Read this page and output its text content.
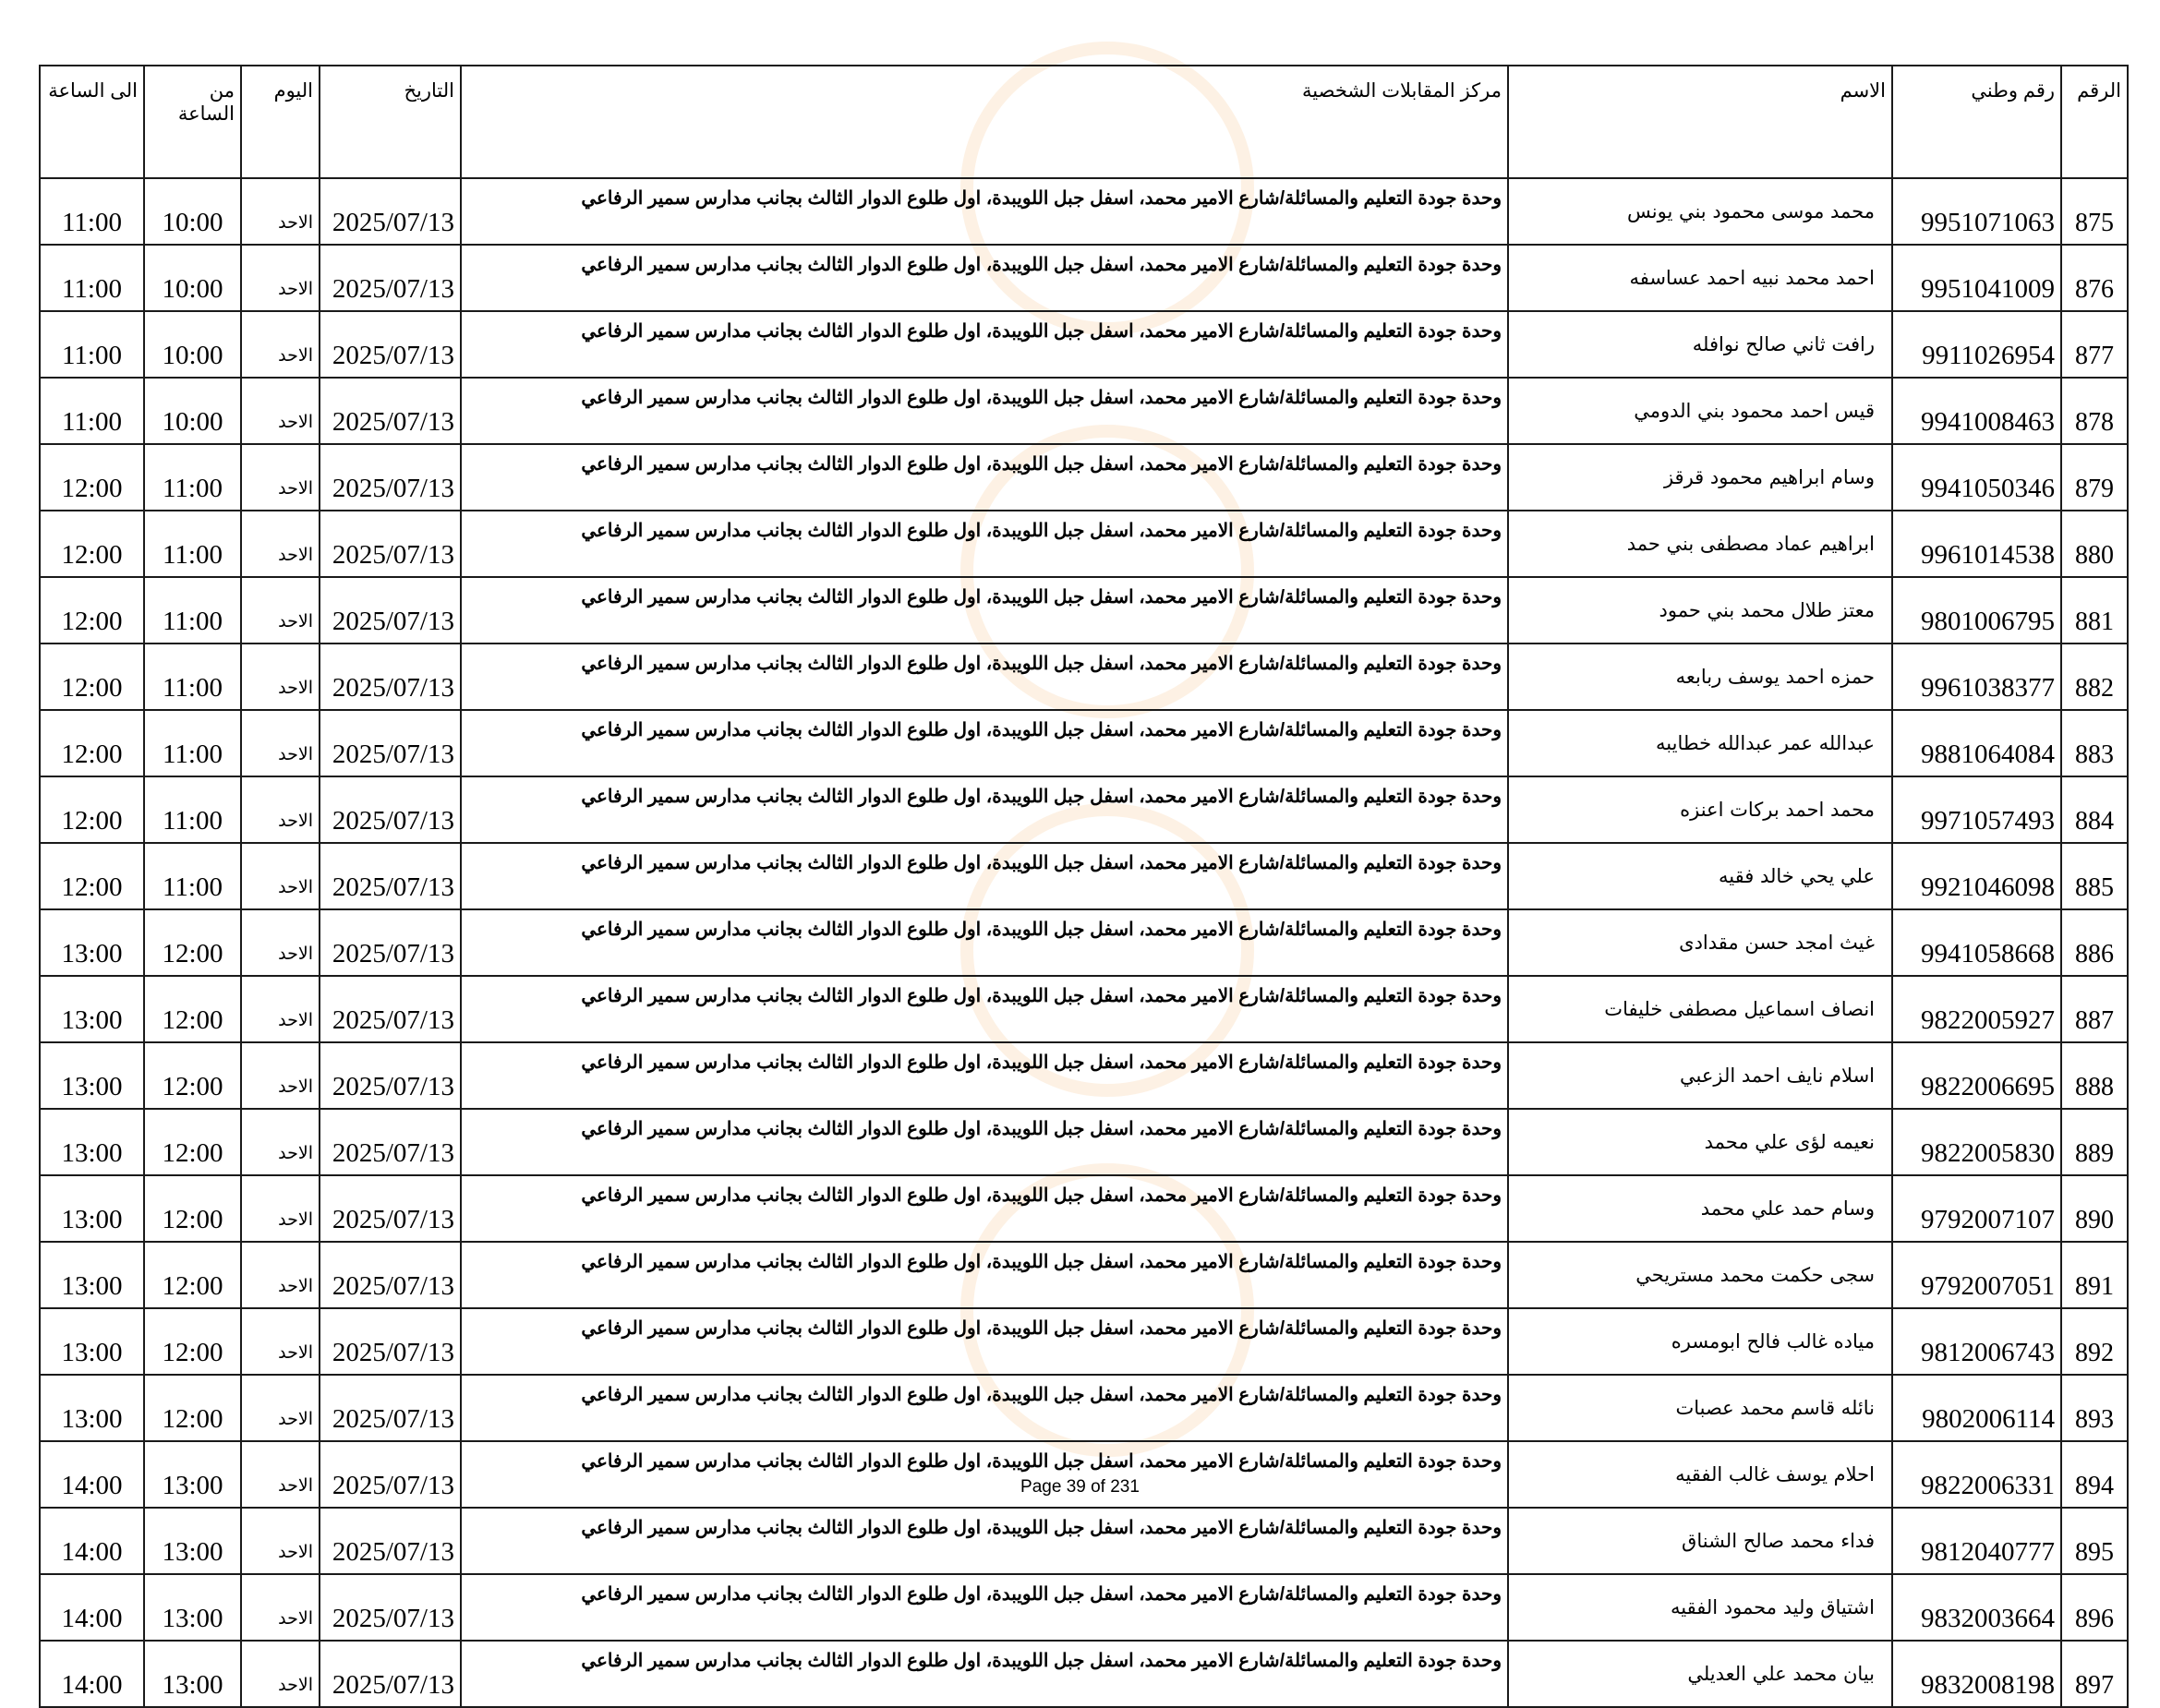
الرقم	رقم وطني	الاسم	مركز المقابلات الشخصية	التاريخ	اليوم	من الساعة	الى الساعة
875	9951071063	محمد موسى محمود بني يونس	وحدة جودة التعليم والمسائلة/شارع الامير محمد، اسفل جبل اللويبدة، اول طلوع الدوار الثالث بجانب مدارس سمير الرفاعي	2025/07/13	الاحد	10:00	11:00
876	9951041009	احمد محمد نبيه احمد عساسفه	وحدة جودة التعليم والمسائلة/شارع الامير محمد، اسفل جبل اللويبدة، اول طلوع الدوار الثالث بجانب مدارس سمير الرفاعي	2025/07/13	الاحد	10:00	11:00
877	9911026954	رافت ثاني صالح نوافله	وحدة جودة التعليم والمسائلة/شارع الامير محمد، اسفل جبل اللويبدة، اول طلوع الدوار الثالث بجانب مدارس سمير الرفاعي	2025/07/13	الاحد	10:00	11:00
878	9941008463	قيس احمد محمود بني الدومي	وحدة جودة التعليم والمسائلة/شارع الامير محمد، اسفل جبل اللويبدة، اول طلوع الدوار الثالث بجانب مدارس سمير الرفاعي	2025/07/13	الاحد	10:00	11:00
879	9941050346	وسام ابراهيم محمود قرقز	وحدة جودة التعليم والمسائلة/شارع الامير محمد، اسفل جبل اللويبدة، اول طلوع الدوار الثالث بجانب مدارس سمير الرفاعي	2025/07/13	الاحد	11:00	12:00
880	9961014538	ابراهيم عماد مصطفى بني حمد	وحدة جودة التعليم والمسائلة/شارع الامير محمد، اسفل جبل اللويبدة، اول طلوع الدوار الثالث بجانب مدارس سمير الرفاعي	2025/07/13	الاحد	11:00	12:00
881	9801006795	معتز طلال محمد بني حمود	وحدة جودة التعليم والمسائلة/شارع الامير محمد، اسفل جبل اللويبدة، اول طلوع الدوار الثالث بجانب مدارس سمير الرفاعي	2025/07/13	الاحد	11:00	12:00
882	9961038377	حمزه احمد يوسف ربابعه	وحدة جودة التعليم والمسائلة/شارع الامير محمد، اسفل جبل اللويبدة، اول طلوع الدوار الثالث بجانب مدارس سمير الرفاعي	2025/07/13	الاحد	11:00	12:00
883	9881064084	عبدالله عمر عبدالله خطايبه	وحدة جودة التعليم والمسائلة/شارع الامير محمد، اسفل جبل اللويبدة، اول طلوع الدوار الثالث بجانب مدارس سمير الرفاعي	2025/07/13	الاحد	11:00	12:00
884	9971057493	محمد احمد بركات اعنزه	وحدة جودة التعليم والمسائلة/شارع الامير محمد، اسفل جبل اللويبدة، اول طلوع الدوار الثالث بجانب مدارس سمير الرفاعي	2025/07/13	الاحد	11:00	12:00
885	9921046098	علي يحي خالد فقيه	وحدة جودة التعليم والمسائلة/شارع الامير محمد، اسفل جبل اللويبدة، اول طلوع الدوار الثالث بجانب مدارس سمير الرفاعي	2025/07/13	الاحد	11:00	12:00
886	9941058668	غيث امجد حسن مقدادى	وحدة جودة التعليم والمسائلة/شارع الامير محمد، اسفل جبل اللويبدة، اول طلوع الدوار الثالث بجانب مدارس سمير الرفاعي	2025/07/13	الاحد	12:00	13:00
887	9822005927	انصاف اسماعيل مصطفى خليفات	وحدة جودة التعليم والمسائلة/شارع الامير محمد، اسفل جبل اللويبدة، اول طلوع الدوار الثالث بجانب مدارس سمير الرفاعي	2025/07/13	الاحد	12:00	13:00
888	9822006695	اسلام نايف احمد الزعبي	وحدة جودة التعليم والمسائلة/شارع الامير محمد، اسفل جبل اللويبدة، اول طلوع الدوار الثالث بجانب مدارس سمير الرفاعي	2025/07/13	الاحد	12:00	13:00
889	9822005830	نعيمه لؤى علي محمد	وحدة جودة التعليم والمسائلة/شارع الامير محمد، اسفل جبل اللويبدة، اول طلوع الدوار الثالث بجانب مدارس سمير الرفاعي	2025/07/13	الاحد	12:00	13:00
890	9792007107	وسام حمد علي محمد	وحدة جودة التعليم والمسائلة/شارع الامير محمد، اسفل جبل اللويبدة، اول طلوع الدوار الثالث بجانب مدارس سمير الرفاعي	2025/07/13	الاحد	12:00	13:00
891	9792007051	سجى حكمت محمد مستريحي	وحدة جودة التعليم والمسائلة/شارع الامير محمد، اسفل جبل اللويبدة، اول طلوع الدوار الثالث بجانب مدارس سمير الرفاعي	2025/07/13	الاحد	12:00	13:00
892	9812006743	مياده غالب فالح ابومسره	وحدة جودة التعليم والمسائلة/شارع الامير محمد، اسفل جبل اللويبدة، اول طلوع الدوار الثالث بجانب مدارس سمير الرفاعي	2025/07/13	الاحد	12:00	13:00
893	9802006114	نائله قاسم محمد عصبات	وحدة جودة التعليم والمسائلة/شارع الامير محمد، اسفل جبل اللويبدة، اول طلوع الدوار الثالث بجانب مدارس سمير الرفاعي	2025/07/13	الاحد	12:00	13:00
894	9822006331	احلام يوسف غالب الفقيه	وحدة جودة التعليم والمسائلة/شارع الامير محمد، اسفل جبل اللويبدة، اول طلوع الدوار الثالث بجانب مدارس سمير الرفاعي	2025/07/13	الاحد	13:00	14:00
895	9812040777	فداء محمد صالح الشناق	وحدة جودة التعليم والمسائلة/شارع الامير محمد، اسفل جبل اللويبدة، اول طلوع الدوار الثالث بجانب مدارس سمير الرفاعي	2025/07/13	الاحد	13:00	14:00
896	9832003664	اشتياق وليد محمود الفقيه	وحدة جودة التعليم والمسائلة/شارع الامير محمد، اسفل جبل اللويبدة، اول طلوع الدوار الثالث بجانب مدارس سمير الرفاعي	2025/07/13	الاحد	13:00	14:00
897	9832008198	بيان محمد علي العديلي	وحدة جودة التعليم والمسائلة/شارع الامير محمد، اسفل جبل اللويبدة، اول طلوع الدوار الثالث بجانب مدارس سمير الرفاعي	2025/07/13	الاحد	13:00	14:00
Page 39 of 231
